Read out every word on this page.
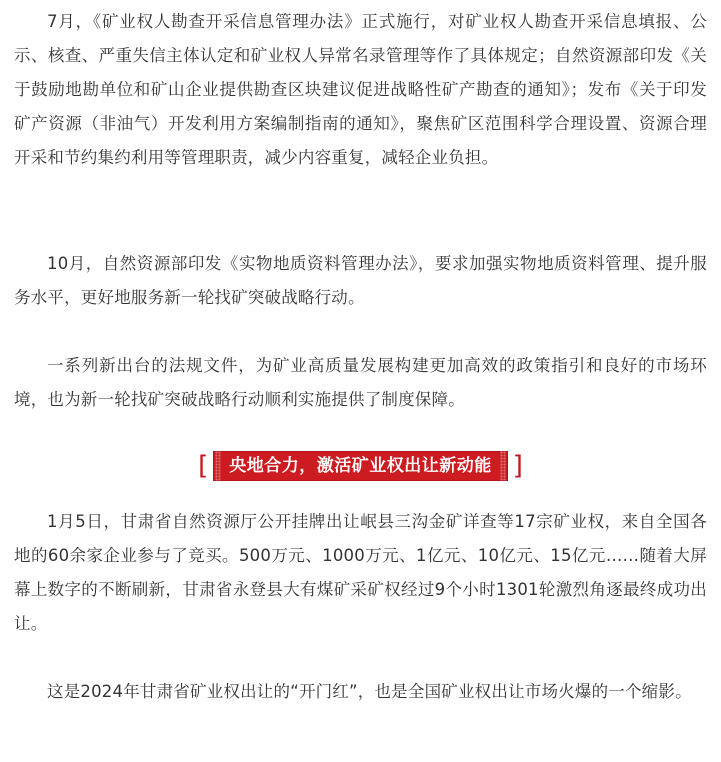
7月，《矿业权人勘查开采信息管理办法》正式施行，对矿业权人勘查开采信息填报、公示、核查、严重失信主体认定和矿业权人异常名录管理等作了具体规定；自然资源部印发《关于鼓励地勘单位和矿山企业提供勘查区块建议促进战略性矿产勘查的通知》；发布《关于印发矿产资源（非油气）开发利用方案编制指南的通知》，聚焦矿区范围科学合理设置、资源合理开采和节约集约利用等管理职责，减少内容重复，减轻企业负担。

10月，自然资源部印发《实物地质资料管理办法》，要求加强实物地质资料管理、提升服务水平，更好地服务新一轮找矿突破战略行动。

一系列新出台的法规文件，为矿业高质量发展构建更加高效的政策指引和良好的市场环境，也为新一轮找矿突破战略行动顺利实施提供了制度保障。

[	央地合力，激活矿业权出让新动能 ]

1月5日，甘肃省自然资源厅公开挂牌出让岷县三沟金矿详查等17宗矿业权，来自全国各地的60余家企业参与了竞买。500万元、1000万元、1亿元、10亿元、15亿元……随着大屏幕上数字的不断刷新，甘肃省永登县大有煤矿采矿权经过9个小时1301轮激烈角逐最终成功出让。

这是2024年甘肃省矿业权出让的“开门红”，也是全国矿业权出让市场火爆的一个缩影。
